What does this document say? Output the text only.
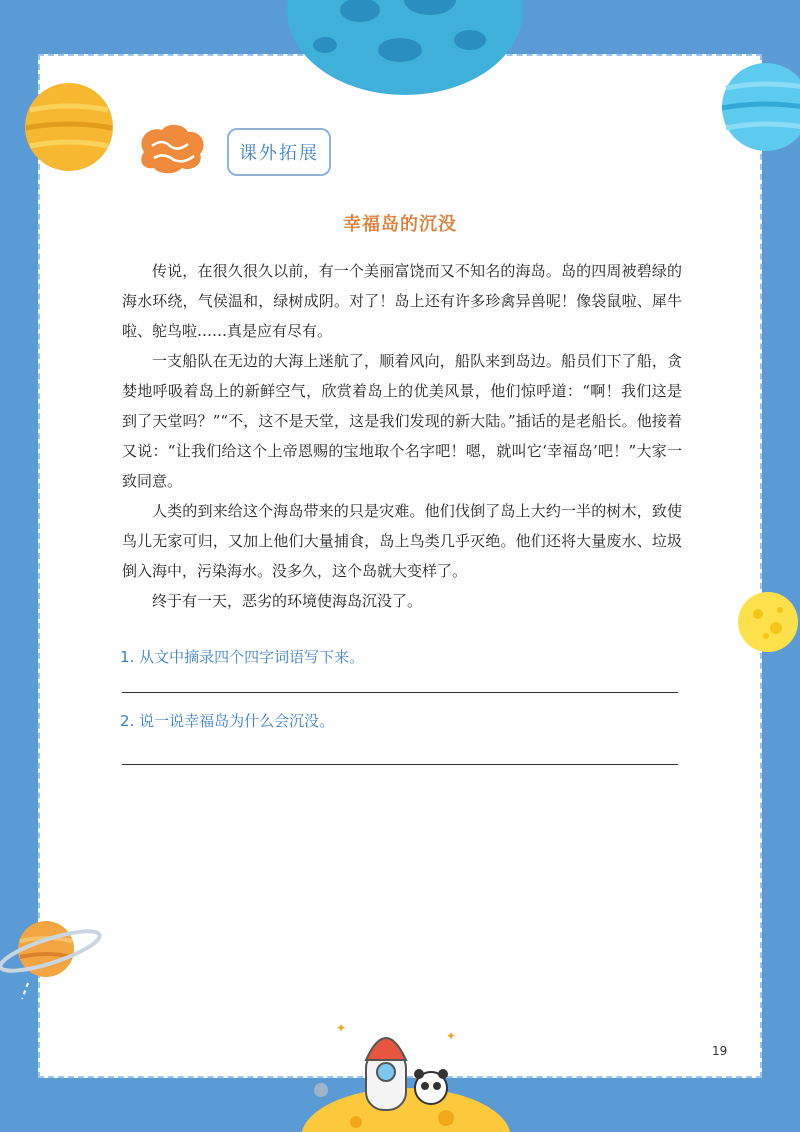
✦
✦
课外拓展
幸福岛的沉没

传说，在很久很久以前，有一个美丽富饶而又不知名的海岛。岛的四周被碧绿的海水环绕，气侯温和，绿树成阴。对了！岛上还有许多珍禽异兽呢！像袋鼠啦、犀牛啦、鸵鸟啦……真是应有尽有。

一支船队在无边的大海上迷航了，顺着风向，船队来到岛边。船员们下了船，贪婪地呼吸着岛上的新鲜空气，欣赏着岛上的优美风景，他们惊呼道：“啊！我们这是到了天堂吗？”“不，这不是天堂，这是我们发现的新大陆。”插话的是老船长。他接着又说：“让我们给这个上帝恩赐的宝地取个名字吧！嗯，就叫它‘幸福岛’吧！”大家一致同意。

人类的到来给这个海岛带来的只是灾难。他们伐倒了岛上大约一半的树木，致使鸟儿无家可归，又加上他们大量捕食，岛上鸟类几乎灭绝。他们还将大量废水、垃圾倒入海中，污染海水。没多久，这个岛就大变样了。

终于有一天，恶劣的环境使海岛沉没了。

1. 从文中摘录四个四字词语写下来。
2. 说一说幸福岛为什么会沉没。
19
